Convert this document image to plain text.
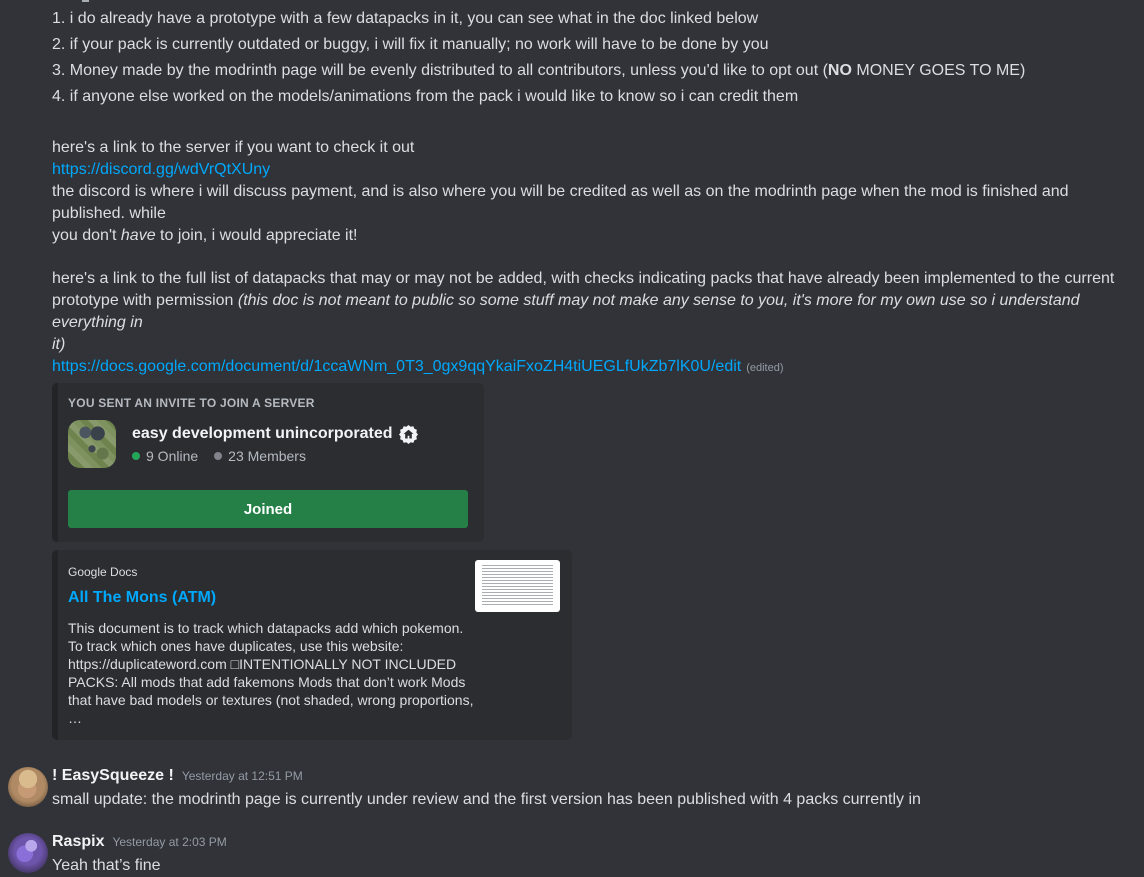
1. i do already have a prototype with a few datapacks in it, you can see what in the doc linked below
2. if your pack is currently outdated or buggy, i will fix it manually; no work will have to be done by you
3. Money made by the modrinth page will be evenly distributed to all contributors, unless you'd like to opt out (NO MONEY GOES TO ME)
4. if anyone else worked on the models/animations from the pack i would like to know so i can credit them
here's a link to the server if you want to check it out
https://discord.gg/wdVrQtXUny
the discord is where i will discuss payment, and is also where you will be credited as well as on the modrinth page when the mod is finished and published. while
you don't have to join, i would appreciate it!
here's a link to the full list of datapacks that may or may not be added, with checks indicating packs that have already been implemented to the current
prototype with permission (this doc is not meant to public so some stuff may not make any sense to you, it's more for my own use so i understand everything in
it)
https://docs.google.com/document/d/1ccaWNm_0T3_0gx9qqYkaiFxoZH4tiUEGLfUkZb7lK0U/edit (edited)
YOU SENT AN INVITE TO JOIN A SERVER
easy development unincorporated
9 Online 23 Members
Joined
Google Docs
All The Mons (ATM)
This document is to track which datapacks add which pokemon.
To track which ones have duplicates, use this website:
https://duplicateword.com □INTENTIONALLY NOT INCLUDED
PACKS: All mods that add fakemons Mods that don’t work Mods
that have bad models or textures (not shaded, wrong proportions,
…
! EasySqueeze ! Yesterday at 12:51 PM
small update: the modrinth page is currently under review and the first version has been published with 4 packs currently in
Raspix Yesterday at 2:03 PM
Yeah that’s fine
